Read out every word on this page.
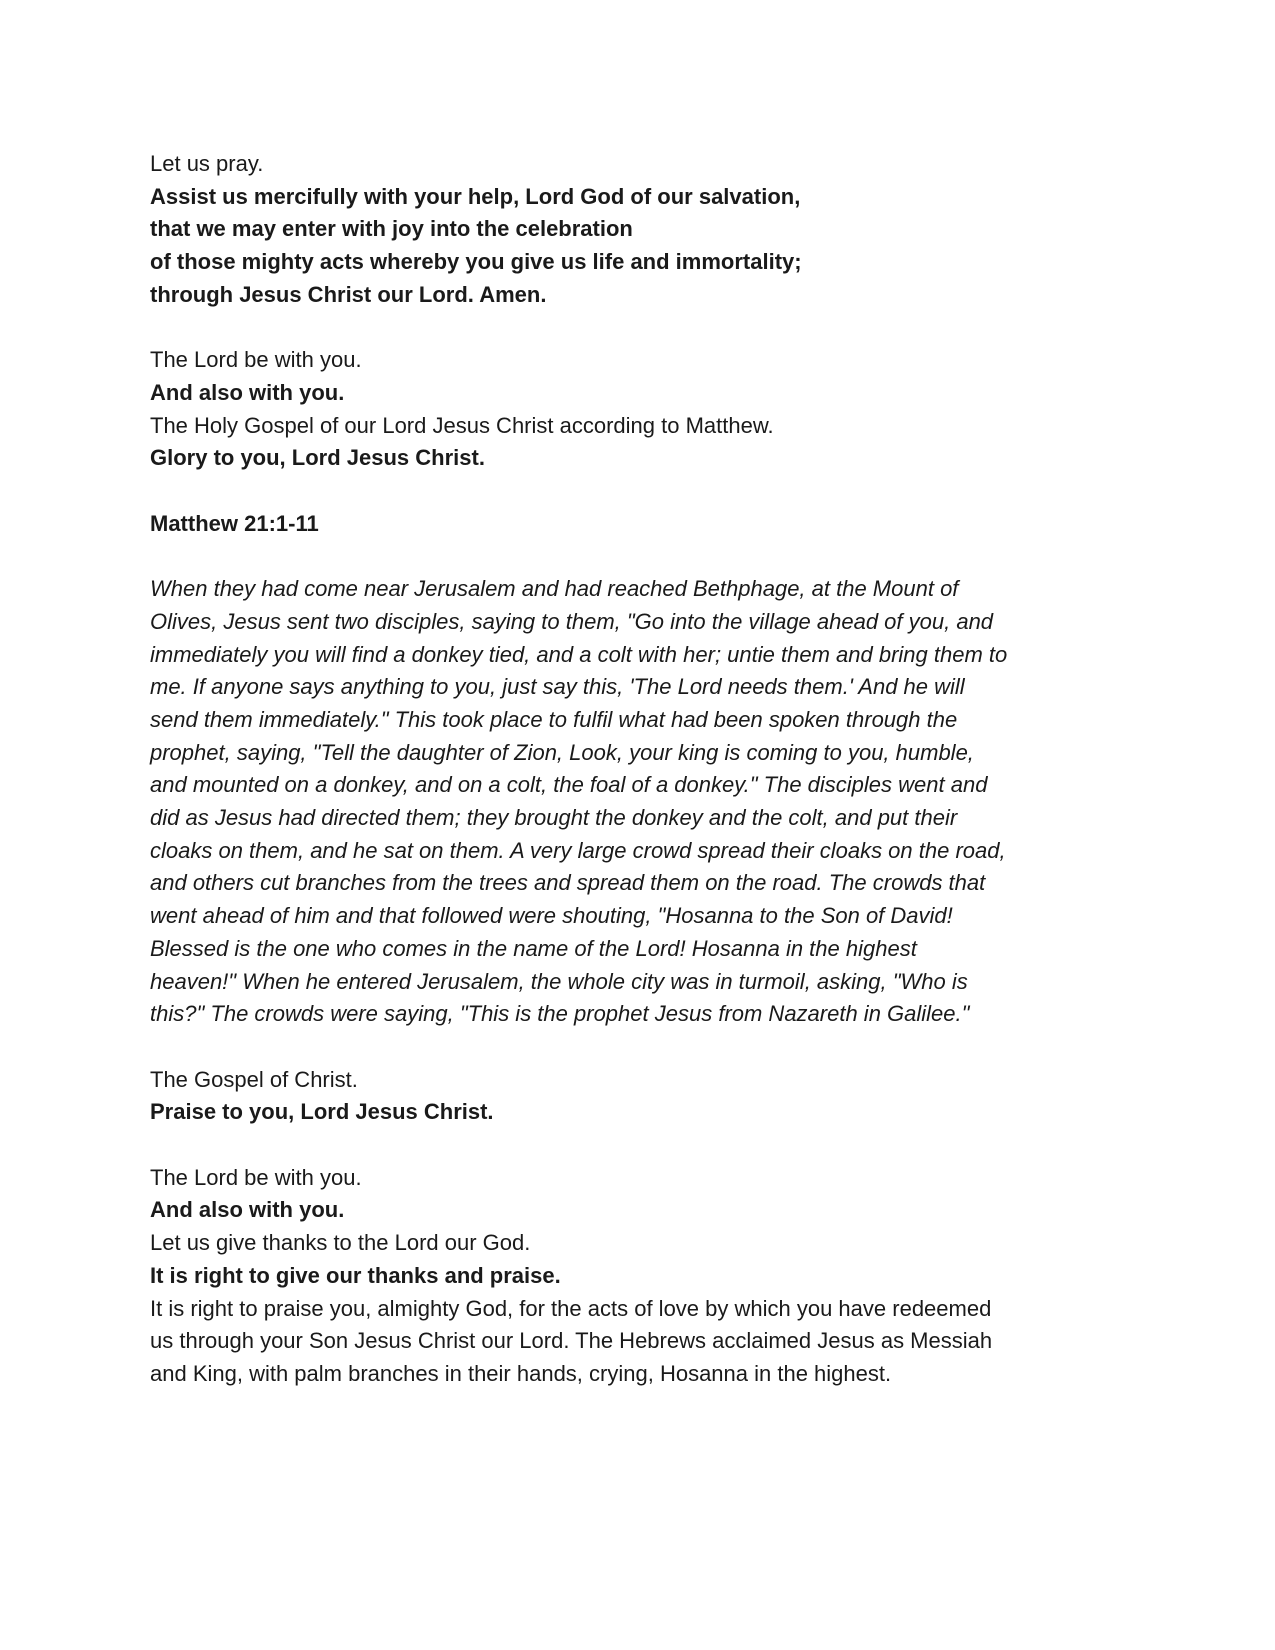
Let us pray.

Assist us mercifully with your help, Lord God of our salvation,

that we may enter with joy into the celebration

of those mighty acts whereby you give us life and immortality;

through Jesus Christ our Lord. Amen.

The Lord be with you.

And also with you.

The Holy Gospel of our Lord Jesus Christ according to Matthew.

Glory to you, Lord Jesus Christ.

Matthew 21:1-11

When they had come near Jerusalem and had reached Bethphage, at the Mount of

Olives, Jesus sent two disciples, saying to them, "Go into the village ahead of you, and

immediately you will find a donkey tied, and a colt with her; untie them and bring them to

me. If anyone says anything to you, just say this, 'The Lord needs them.' And he will

send them immediately." This took place to fulfil what had been spoken through the

prophet, saying, "Tell the daughter of Zion, Look, your king is coming to you, humble,

and mounted on a donkey, and on a colt, the foal of a donkey." The disciples went and

did as Jesus had directed them; they brought the donkey and the colt, and put their

cloaks on them, and he sat on them. A very large crowd spread their cloaks on the road,

and others cut branches from the trees and spread them on the road. The crowds that

went ahead of him and that followed were shouting, "Hosanna to the Son of David!

Blessed is the one who comes in the name of the Lord! Hosanna in the highest

heaven!" When he entered Jerusalem, the whole city was in turmoil, asking, "Who is

this?" The crowds were saying, "This is the prophet Jesus from Nazareth in Galilee."

The Gospel of Christ.

Praise to you, Lord Jesus Christ.

The Lord be with you.

And also with you.

Let us give thanks to the Lord our God.

It is right to give our thanks and praise.

It is right to praise you, almighty God, for the acts of love by which you have redeemed

us through your Son Jesus Christ our Lord. The Hebrews acclaimed Jesus as Messiah

and King, with palm branches in their hands, crying, Hosanna in the highest.
